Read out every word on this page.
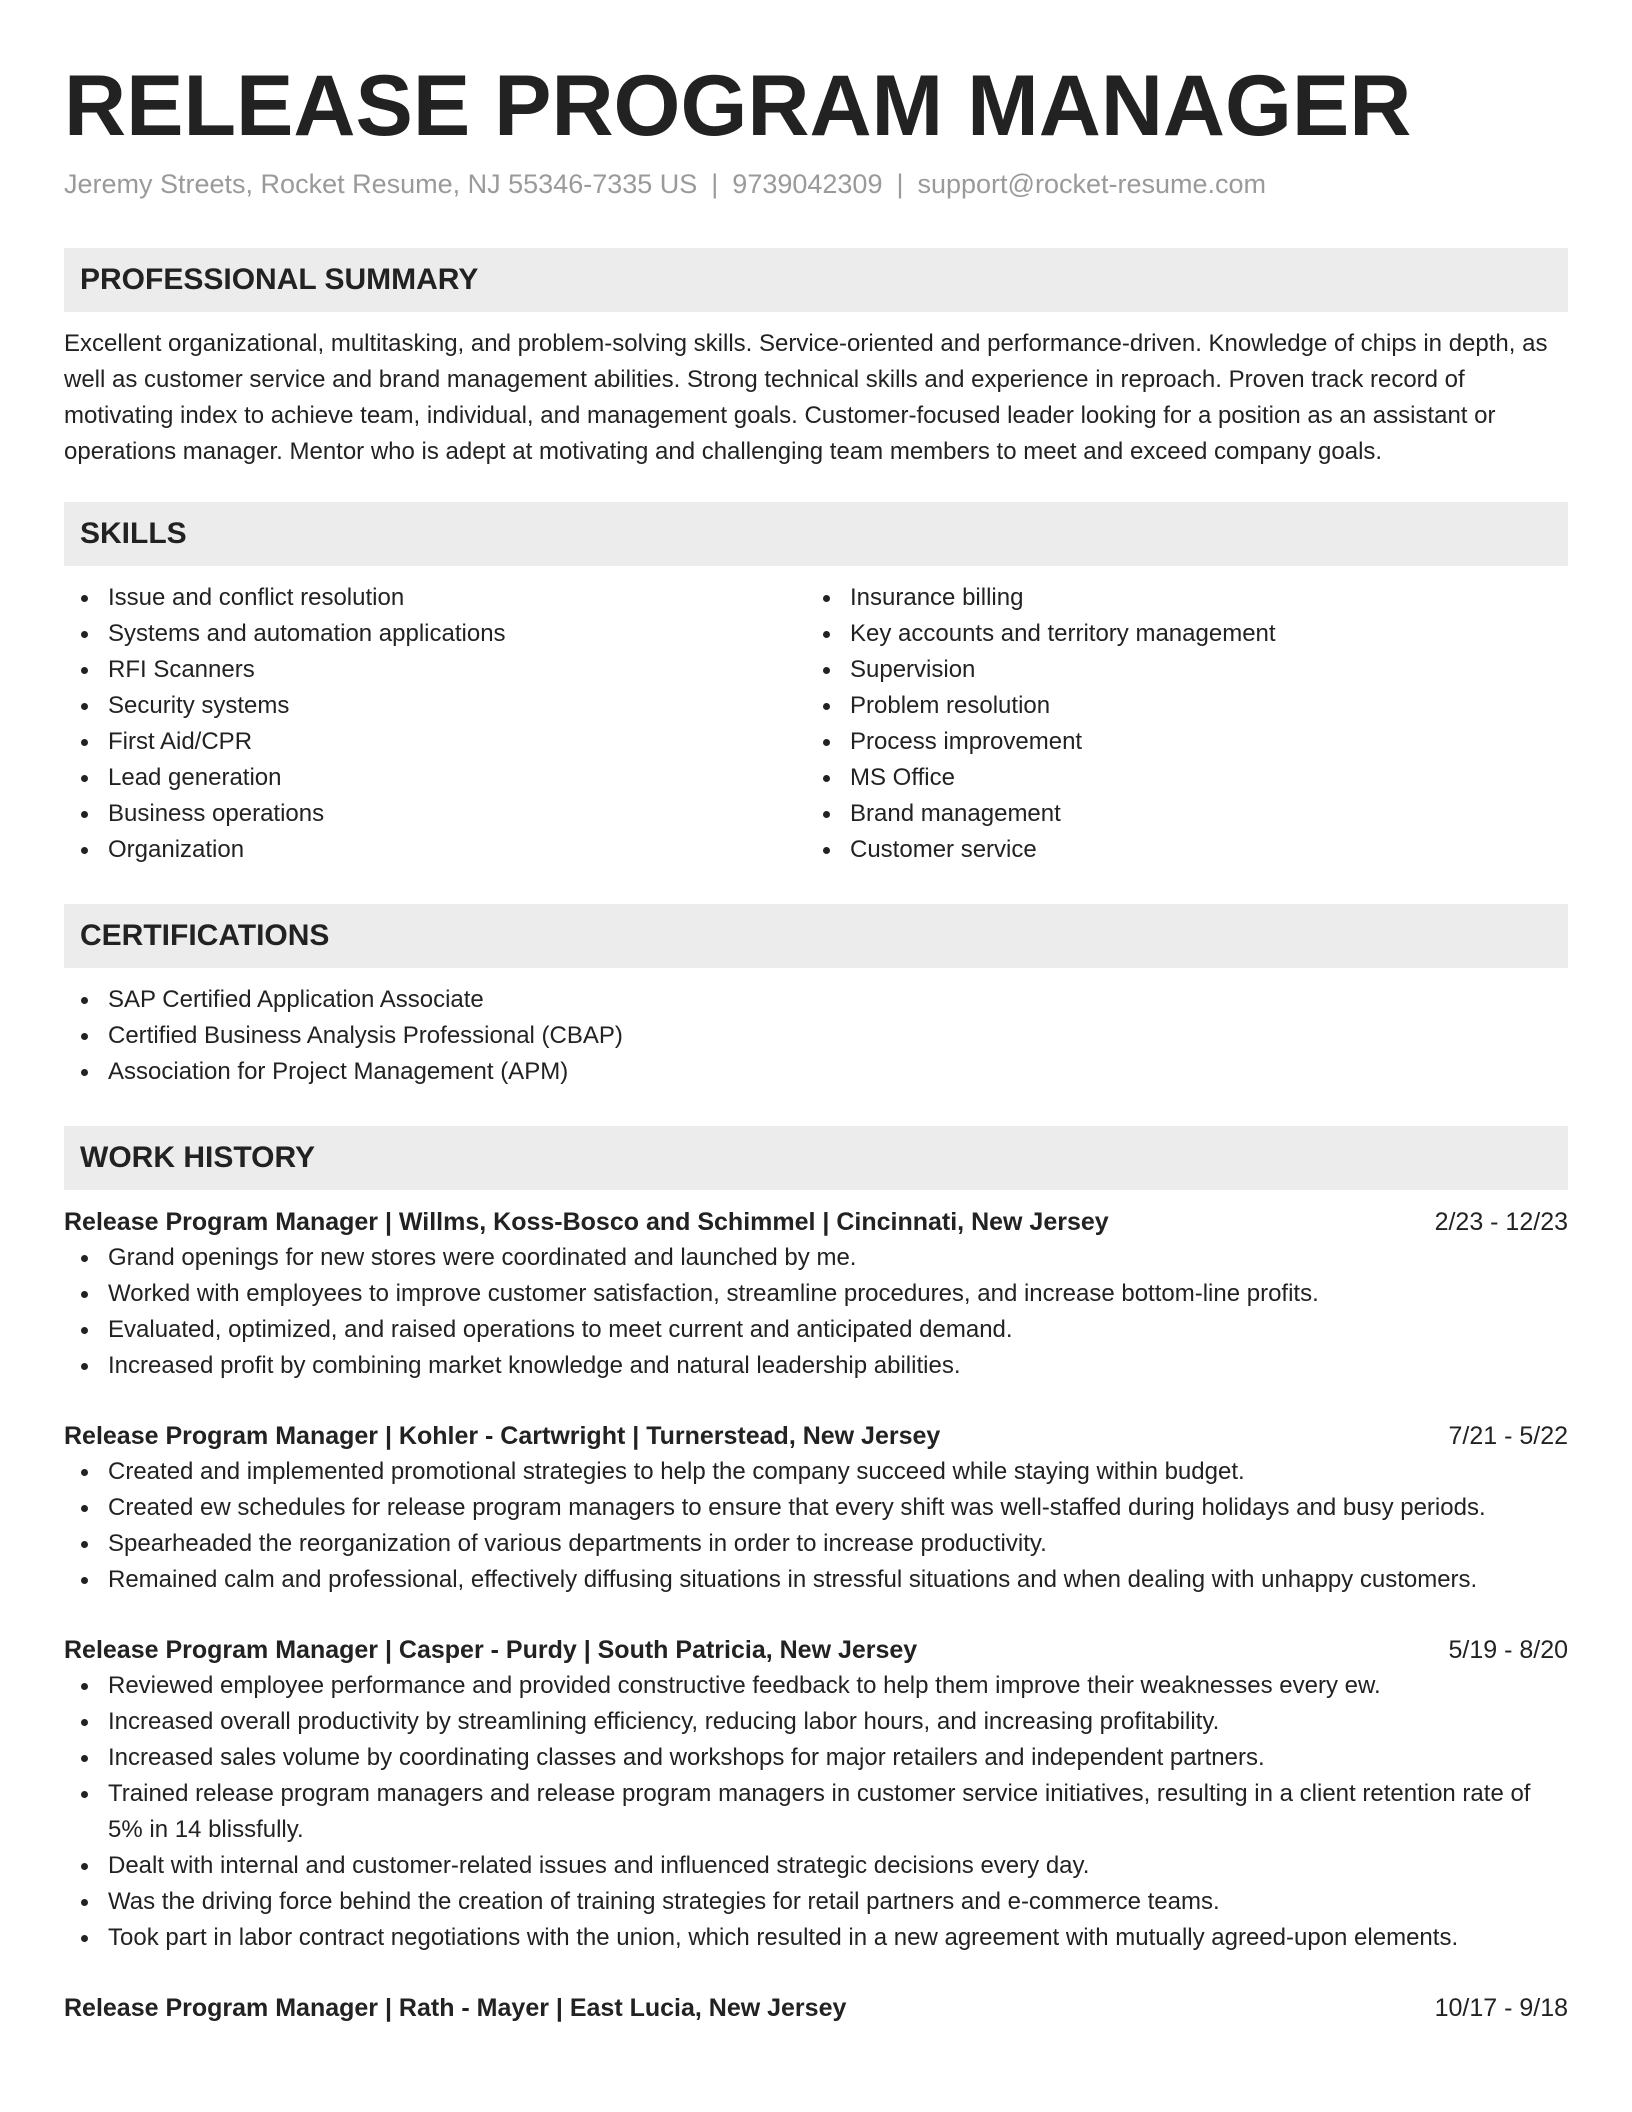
RELEASE PROGRAM MANAGER
Jeremy Streets, Rocket Resume, NJ 55346-7335 US | 9739042309 | support@rocket-resume.com
PROFESSIONAL SUMMARY

Excellent organizational, multitasking, and problem-solving skills. Service-oriented and performance-driven. Knowledge of chips in depth, as well as customer service and brand management abilities. Strong technical skills and experience in reproach. Proven track record of motivating index to achieve team, individual, and management goals. Customer-focused leader looking for a position as an assistant or operations manager. Mentor who is adept at motivating and challenging team members to meet and exceed company goals.

SKILLS
Issue and conflict resolution
Systems and automation applications
RFI Scanners
Security systems
First Aid/CPR
Lead generation
Business operations
Organization
Insurance billing
Key accounts and territory management
Supervision
Problem resolution
Process improvement
MS Office
Brand management
Customer service
CERTIFICATIONS
SAP Certified Application Associate
Certified Business Analysis Professional (CBAP)
Association for Project Management (APM)
WORK HISTORY
Release Program Manager | Willms, Koss-Bosco and Schimmel | Cincinnati, New Jersey	2/23 - 12/23
Grand openings for new stores were coordinated and launched by me.
Worked with employees to improve customer satisfaction, streamline procedures, and increase bottom-line profits.
Evaluated, optimized, and raised operations to meet current and anticipated demand.
Increased profit by combining market knowledge and natural leadership abilities.
Release Program Manager | Kohler - Cartwright | Turnerstead, New Jersey	7/21 - 5/22
Created and implemented promotional strategies to help the company succeed while staying within budget.
Created ew schedules for release program managers to ensure that every shift was well-staffed during holidays and busy periods.
Spearheaded the reorganization of various departments in order to increase productivity.
Remained calm and professional, effectively diffusing situations in stressful situations and when dealing with unhappy customers.
Release Program Manager | Casper - Purdy | South Patricia, New Jersey	5/19 - 8/20
Reviewed employee performance and provided constructive feedback to help them improve their weaknesses every ew.
Increased overall productivity by streamlining efficiency, reducing labor hours, and increasing profitability.
Increased sales volume by coordinating classes and workshops for major retailers and independent partners.
Trained release program managers and release program managers in customer service initiatives, resulting in a client retention rate of 5% in 14 blissfully.
Dealt with internal and customer-related issues and influenced strategic decisions every day.
Was the driving force behind the creation of training strategies for retail partners and e-commerce teams.
Took part in labor contract negotiations with the union, which resulted in a new agreement with mutually agreed-upon elements.
Release Program Manager | Rath - Mayer | East Lucia, New Jersey	10/17 - 9/18
